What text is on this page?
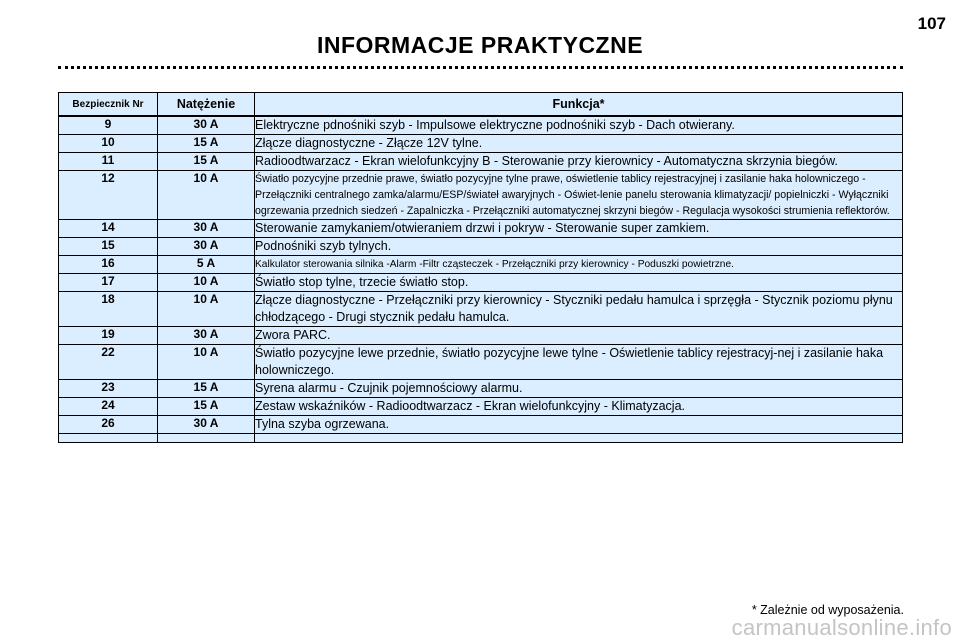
107
INFORMACJE PRAKTYCZNE
Bezpiecznik Nr	Natężenie	Funkcja*
9	30 A	Elektryczne pdnośniki szyb - Impulsowe elektryczne podnośniki szyb - Dach otwierany.
10	15 A	Złącze diagnostyczne - Złącze 12V tylne.
11	15 A	Radioodtwarzacz - Ekran wielofunkcyjny B - Sterowanie przy kierownicy - Automatyczna skrzynia biegów.
12	10 A	Światło pozycyjne przednie prawe, światło pozycyjne tylne prawe, oświetlenie tablicy rejestracyjnej i zasilanie haka holowniczego - Przełączniki centralnego zamka/alarmu/ESP/świateł awaryjnych - Oświet-lenie panelu sterowania klimatyzacji/ popielniczki - Wyłączniki ogrzewania przednich siedzeń - Zapalniczka - Przełączniki automatycznej skrzyni biegów - Regulacja wysokości strumienia reflektorów.
14	30 A	Sterowanie zamykaniem/otwieraniem drzwi i pokryw - Sterowanie super zamkiem.
15	30 A	Podnośniki szyb tylnych.
16	5 A	Kalkulator sterowania silnika -Alarm -Filtr cząsteczek - Przełączniki przy kierownicy - Poduszki powietrzne.
17	10 A	Światło stop tylne, trzecie światło stop.
18	10 A	Złącze diagnostyczne - Przełączniki przy kierownicy - Styczniki pedału hamulca i sprzęgła - Stycznik poziomu płynu chłodzącego - Drugi stycznik pedału hamulca.
19	30 A	Zwora PARC.
22	10 A	Światło pozycyjne lewe przednie, światło pozycyjne lewe tylne - Oświetlenie tablicy rejestracyj-nej i zasilanie haka holowniczego.
23	15 A	Syrena alarmu - Czujnik pojemnościowy alarmu.
24	15 A	Zestaw wskaźników - Radioodtwarzacz - Ekran wielofunkcyjny - Klimatyzacja.
26	30 A	Tylna szyba ogrzewana.

* Zależnie od wyposażenia.
carmanualsonline.info
